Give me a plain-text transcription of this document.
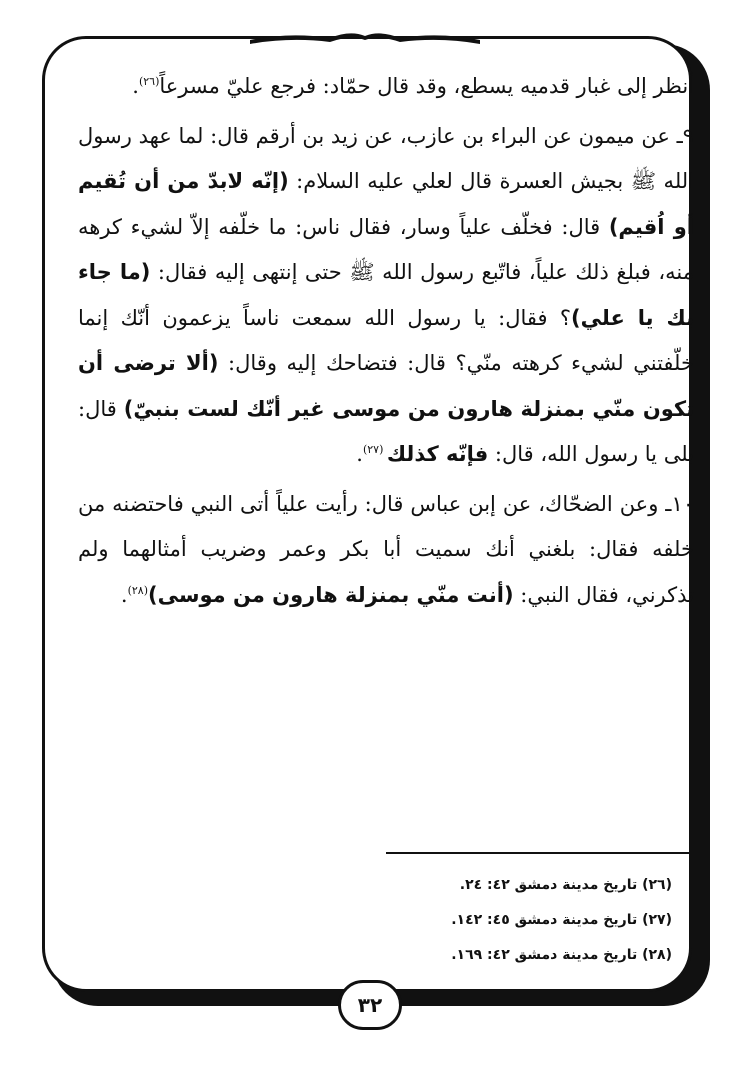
أنظر إلى غبار قدميه يسطع، وقد قال حمّاد: فرجع عليّ مسرعاً$^{(٢٦)}$.

٩ـ عن ميمون عن البراء بن عازب، عن زيد بن أرقم قال: لما عهد رسول الله ﷺ بجيش العسرة قال لعلي عليه السلام: (إنّه لابدّ من أن تُقيم أو اُقيم) قال: فخلّف علياً وسار، فقال ناس: ما خلّفه إلاّ لشيء كرهه منه، فبلغ ذلك علياً، فاتّبع رسول الله ﷺ حتى إنتهى إليه فقال: (ما جاء بك يا علي)؟ فقال: يا رسول الله سمعت ناساً يزعمون أنّك إنما خلّفتني لشيء كرهته منّي؟ قال: فتضاحك إليه وقال: (ألا ترضى أن تكون منّي بمنزلة هارون من موسى غير أنّك لست بنبيّ) قال: بلى يا رسول الله، قال: فإنّه كذلك $^{(٢٧)}$.

١٠ـ وعن الضحّاك، عن إبن عباس قال: رأيت علياً أتى النبي فاحتضنه من خلفه فقال: بلغني أنك سميت أبا بكر وعمر وضريب أمثالهما ولم تذكرني، فقال النبي: (أنت منّي بمنزلة هارون من موسى)$^{(٢٨)}$.

(٢٦) تاريخ مدينة دمشق ٤٢: ٢٤.
(٢٧) تاريخ مدينة دمشق ٤٥: ١٤٢.
(٢٨) تاريخ مدينة دمشق ٤٢: ١٦٩.
٣٢
